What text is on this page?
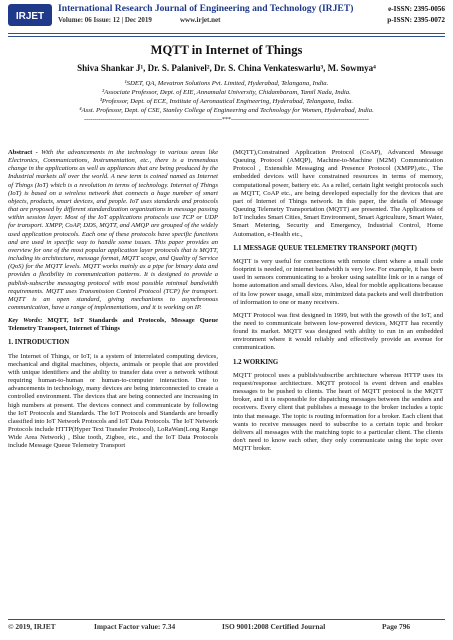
IRJET
International Research Journal of Engineering and Technology (IRJET)
Volume: 06 Issue: 12 | Dec 2019	www.irjet.net
e-ISSN: 2395-0056
p-ISSN: 2395-0072
MQTT in Internet of Things
Shiva Shankar J¹, Dr. S. Palanivel², Dr. S. China Venkateswarlu³, M. Sowmya⁴
¹SDET, QA, Mevatron Solutions Pvt. Limited, Hyderabad, Telangana, India.
²Associate Professor, Dept. of EIE, Annamalai University, Chidambaram, Tamil Nadu, India.
³Professor, Dept. of ECE, Institute of Aeronautical Engineering, Hyderabad, Telangana, India.
⁴Asst. Professor, Dept. of CSE, Stanley College of Engineering and Technology for Women, Hyderabad, India.
---------------------------------------------------------------------***---------------------------------------------------------------------

Abstract - With the advancements in the technology in various areas like Electronics, Communications, Instrumentation, etc., there is a tremendous change in the applications as well as appliances that are being produced by the Industrial markets all over the world. A new term is coined named as Internet of Things (IoT) which is a revolution in terms of technology. Internet of Things (IoT) is based on a wireless network that connects a huge number of smart objects, products, smart devices, and people. IoT uses standards and protocols that are proposed by different standardization organizations in message passing within session layer. Most of the IoT applications protocols use TCP or UDP for transport. XMPP, CoAP, DDS, MQTT, and AMQP are grouped of the widely used application protocols. Each one of these protocols have specific functions and are used in specific way to handle some issues. This paper provides an overview for one of the most popular application layer protocols that is MQTT, including its architecture, message format, MQTT scope, and Quality of Service (QoS) for the MQTT levels. MQTT works mainly as a pipe for binary data and provides a flexibility in communication patterns. It is designed to provide a publish-subscribe messaging protocol with most possible minimal bandwidth requirements. MQTT uses Transmission Control Protocol (TCP) for transport. MQTT is an open standard, giving mechanisms to asynchronous communication, have a range of implementations, and it is working on IP.

Key Words: MQTT, IoT Standards and Protocols, Message Queue Telemetry Transport, Internet of Things

1. INTRODUCTION

The Internet of Things, or IoT, is a system of interrelated computing devices, mechanical and digital machines, objects, animals or people that are provided with unique identifiers and the ability to transfer data over a network without requiring human-to-human or human-to-computer interaction. Due to advancements in technology, many devices are being interconnected to create a controlled environment. The devices that are being connected are increasing in high numbers at present. The devices connect and communicate by following the IoT Protocols and Standards. The IoT Protocols and Standards are broadly classified into IoT Network Protocols and IoT Data Protocols. The IoT Network Protocols include HTTP(Hyper Text Transfer Protocol), LoRaWan(Long Range Wide Area Network) , Blue tooth, Zigbee, etc., and the IoT Data Protocols include Message Queue Telemetry Transport

(MQTT),Constrained Application Protocol (CoAP), Advanced Message Queuing Protocol (AMQP), Machine-to-Machine (M2M) Communication Protocol , Extensible Messaging and Presence Protocol (XMPP),etc., The embedded devices will have constrained resources in terms of memory, computational power, battery etc. As a relief, certain light weight protocols such as MQTT, CoAP etc., are being developed especially for the devices that are part of Internet of Things network. In this paper, the details of Message Queuing Telemetry Transportation (MQTT) are presented. The Applications of IoT includes Smart Cities, Smart Environment, Smart Agriculture, Smart Water, Smart Metering, Security and Emergency, Industrial Control, Home Automation, e-Health etc.,

1.1 MESSAGE QUEUE TELEMETRY TRANSPORT (MQTT)

MQTT is very useful for connections with remote client where a small code footprint is needed, or internet bandwidth is very low. For example, it has been used in sensors communicating to a broker using satellite link or in a range of home automation and small devices. Also, ideal for mobile applications because of its low power usage, small size, minimized data packets and well distribution of information to one or many receivers.

MQTT Protocol was first designed in 1999, but with the growth of the IoT, and the need to communicate between low-powered devices, MQTT has recently found its market. MQTT was designed with ability to run in an embedded environment where it would reliably and effectively provide an avenue for communication.

1.2 WORKING

MQTT protocol uses a publish/subscribe architecture whereas HTTP uses its request/response architecture. MQTT protocol is event driven and enables messages to be pushed to clients. The heart of MQTT protocol is the MQTT broker, and it is responsible for dispatching messages between the senders and receivers. Every client that publishes a message to the broker includes a topic into that message. The topic is routing information for a broker. Each client that wants to receive messages need to subscribe to a certain topic and broker delivers all messages with the matching topic to a particular client. The clients don't need to know each other, they only communicate using the topic over MQTT broker.

© 2019, IRJET	Impact Factor value: 7.34	ISO 9001:2008 Certified Journal	Page 796
